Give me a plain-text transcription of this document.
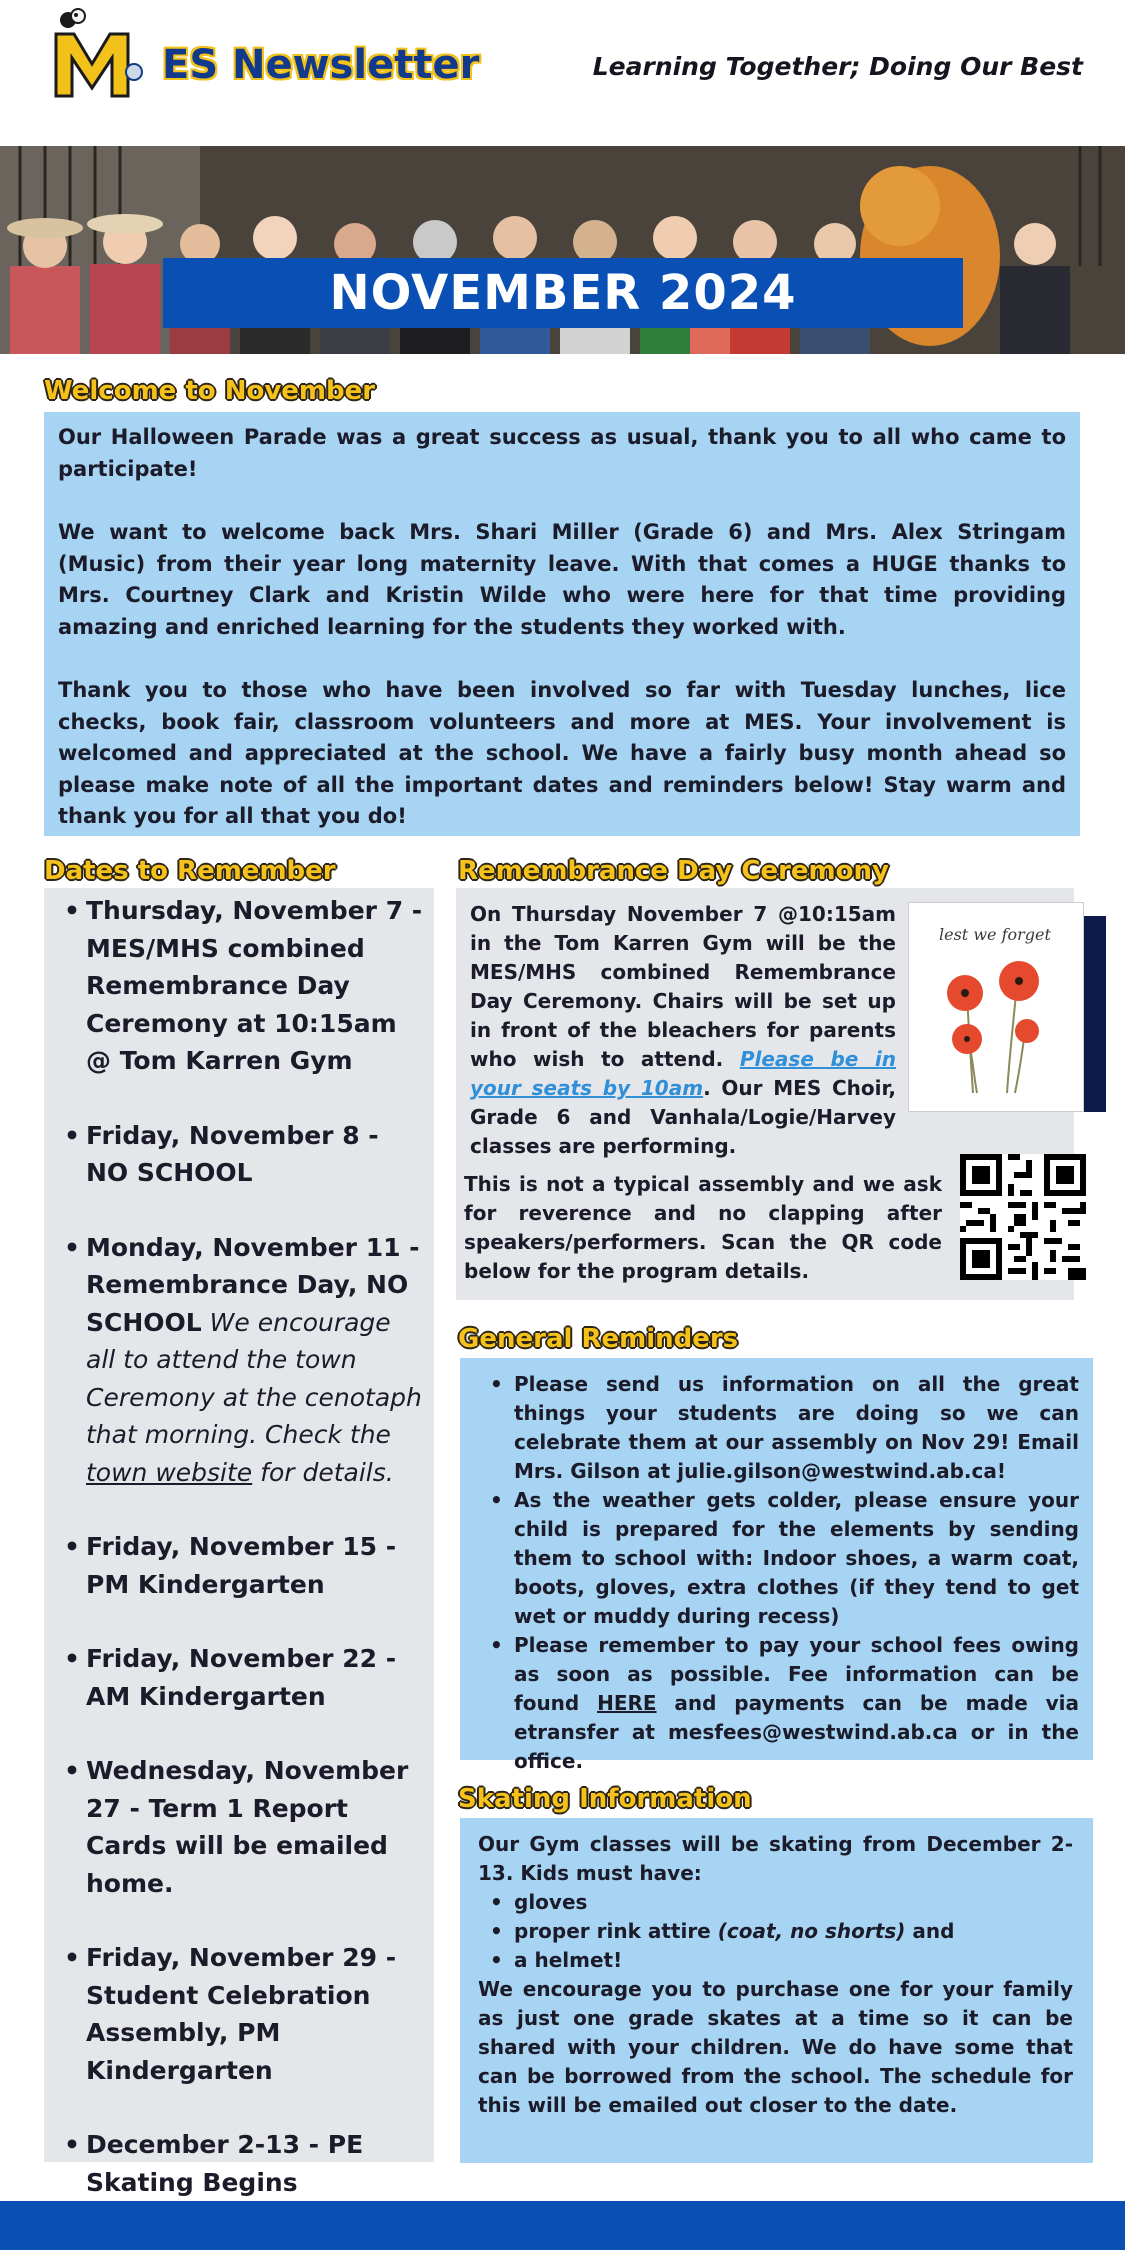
ES Newsletter	Learning Together; Doing Our Best
NOVEMBER 2024
Welcome to November

Our Halloween Parade was a great success as usual, thank you to all who came to participate!

We want to welcome back Mrs. Shari Miller (Grade 6) and Mrs. Alex Stringam (Music) from their year long maternity leave. With that comes a HUGE thanks to Mrs. Courtney Clark and Kristin Wilde who were here for that time providing amazing and enriched learning for the students they worked with.

Thank you to those who have been involved so far with Tuesday lunches, lice checks, book fair, classroom volunteers and more at MES. Your involvement is welcomed and appreciated at the school. We have a fairly busy month ahead so please make note of all the important dates and reminders below! Stay warm and thank you for all that you do!

Dates to Remember
• Thursday, November 7 - MES/MHS combined Remembrance Day Ceremony at 10:15am @ Tom Karren Gym
• Friday, November 8 - NO SCHOOL
• Monday, November 11 - Remembrance Day, NO SCHOOL We encourage all to attend the town Ceremony at the cenotaph that morning. Check the town website for details.
• Friday, November 15 - PM Kindergarten
• Friday, November 22 - AM Kindergarten
• Wednesday, November 27 - Term 1 Report Cards will be emailed home.
• Friday, November 29 - Student Celebration Assembly, PM Kindergarten
• December 2-13 - PE Skating Begins
Remembrance Day Ceremony
On Thursday November 7 @10:15am in the Tom Karren Gym will be the MES/MHS combined Remembrance Day Ceremony. Chairs will be set up in front of the bleachers for parents who wish to attend. Please be in your seats by 10am. Our MES Choir, Grade 6 and Vanhala/Logie/Harvey classes are performing.
lest we forget
This is not a typical assembly and we ask for reverence and no clapping after speakers/performers. Scan the QR code below for the program details.
General Reminders
• Please send us information on all the great things your students are doing so we can celebrate them at our assembly on Nov 29! Email Mrs. Gilson at julie.gilson@westwind.ab.ca!
• As the weather gets colder, please ensure your child is prepared for the elements by sending them to school with: Indoor shoes, a warm coat, boots, gloves, extra clothes (if they tend to get wet or muddy during recess)
• Please remember to pay your school fees owing as soon as possible. Fee information can be found HERE and payments can be made via etransfer at mesfees@westwind.ab.ca or in the office.
Skating Information
Our Gym classes will be skating from December 2-13. Kids must have:
• gloves
• proper rink attire (coat, no shorts) and
• a helmet!
We encourage you to purchase one for your family as just one grade skates at a time so it can be shared with your children. We do have some that can be borrowed from the school. The schedule for this will be emailed out closer to the date.
